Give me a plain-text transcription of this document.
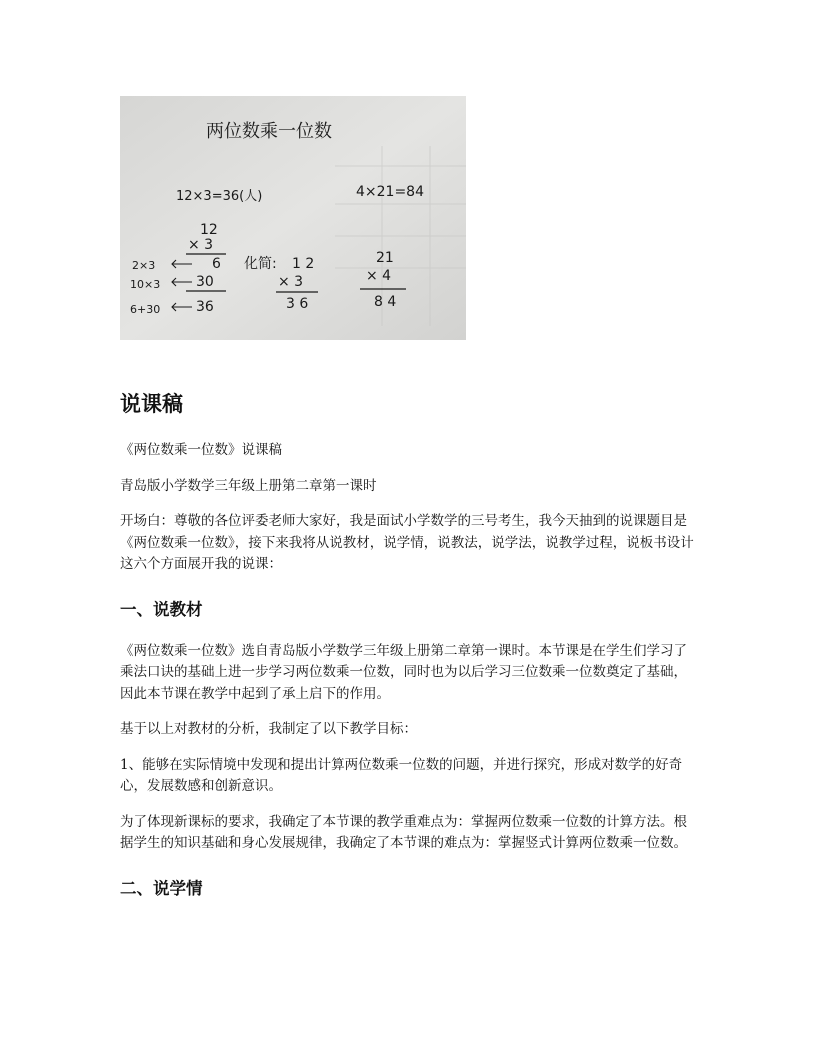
两位数乘一位数
12×3=36(人)	4×21=84
12
× 3
6
30
36
2×3
10×3
6+30
化简: 1 2
× 3
3 6
21
× 4
8 4
说课稿

《两位数乘一位数》说课稿

青岛版小学数学三年级上册第二章第一课时

开场白：尊敬的各位评委老师大家好，我是面试小学数学的三号考生，我今天抽到的说课题目是《两位数乘一位数》，接下来我将从说教材，说学情，说教法，说学法，说教学过程，说板书设计这六个方面展开我的说课：

一、说教材

《两位数乘一位数》选自青岛版小学数学三年级上册第二章第一课时。本节课是在学生们学习了乘法口诀的基础上进一步学习两位数乘一位数，同时也为以后学习三位数乘一位数奠定了基础，因此本节课在教学中起到了承上启下的作用。

基于以上对教材的分析，我制定了以下教学目标：

1、能够在实际情境中发现和提出计算两位数乘一位数的问题，并进行探究，形成对数学的好奇心，发展数感和创新意识。

为了体现新课标的要求，我确定了本节课的教学重难点为：掌握两位数乘一位数的计算方法。根据学生的知识基础和身心发展规律，我确定了本节课的难点为：掌握竖式计算两位数乘一位数。

二、说学情
